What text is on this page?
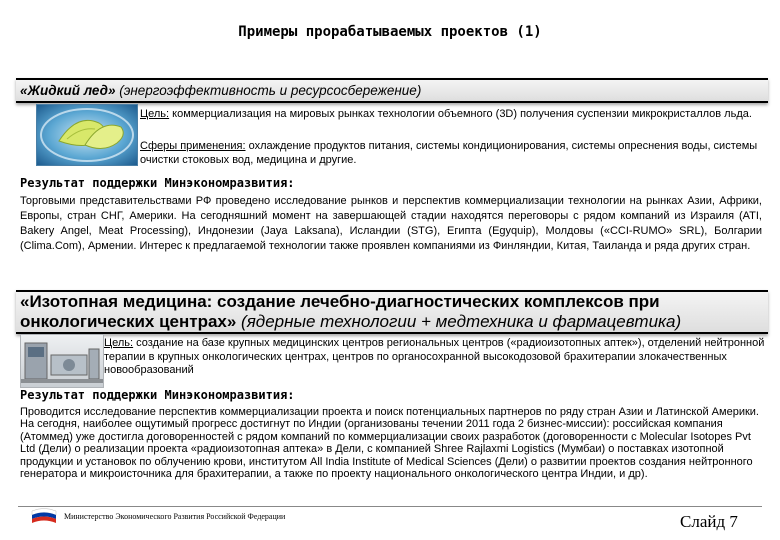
Примеры прорабатываемых проектов (1)
«Жидкий лед» (энергоэффективность и ресурсосбережение)
Цель: коммерциализация на мировых рынках технологии объемного (3D) получения суспензии микрокристаллов льда.
Сферы применения: охлаждение продуктов питания, системы кондиционирования, системы опреснения воды, системы очистки стоковых вод, медицина и другие.
Результат поддержки Минэкономразвития:
Торговыми представительствами РФ проведено исследование рынков и перспектив коммерциализации технологии на рынках Азии, Африки, Европы, стран СНГ, Америки. На сегодняшний момент на завершающей стадии находятся переговоры с рядом компаний из Израиля (ATI, Bakery Angel, Meat Processing), Индонезии (Jaya Laksana), Исландии (STG), Египта (Egyquip), Молдовы («CCI-RUMO» SRL), Болгарии (Clima.Com), Армении. Интерес к предлагаемой технологии также проявлен компаниями из Финляндии, Китая, Таиланда и ряда других стран.
«Изотопная медицина: создание лечебно-диагностических комплексов при онкологических центрах» (ядерные технологии + медтехника и фармацевтика)
Цель: создание на базе крупных медицинских центров региональных центров («радиоизотопных аптек»), отделений нейтронной терапии в крупных онкологических центрах, центров по органосохранной высокодозовой брахитерапии злокачественных новообразований
Результат поддержки Минэкономразвития:
Проводится исследование перспектив коммерциализации проекта и поиск потенциальных партнеров по ряду стран Азии и Латинской Америки. На сегодня, наиболее ощутимый прогресс достигнут по Индии (организованы течении 2011 года 2 бизнес-миссии): российская компания (Атоммед) уже достигла договоренностей с рядом компаний по коммерциализации своих разработок (договоренности с Molecular Isotopes Pvt Ltd (Дели) о реализации проекта «радиоизотопная аптека» в Дели, с компанией Shree Rajlaxmi Logistics (Мумбаи) о поставках изотопной продукции и установок по облучению крови, институтом All India Institute of Medical Sciences (Дели) о развитии проектов создания нейтронного генератора и микроисточника для брахитерапии, а также по проекту национального онкологического центра Индии, и др).
Министерство Экономического Развития Российской Федерации	Слайд 7
